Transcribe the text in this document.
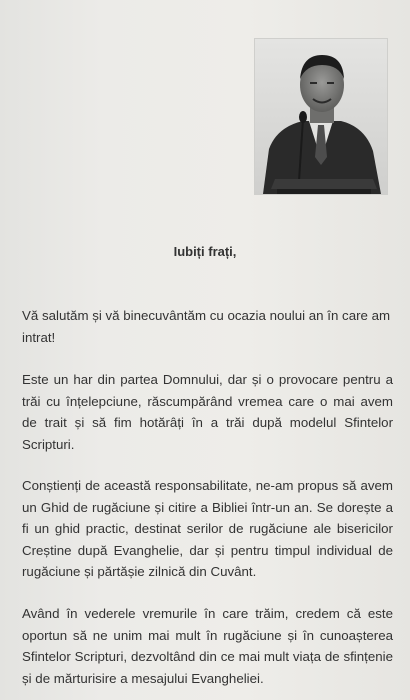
Iubiți frați,

Vă salutăm și vă binecuvântăm cu ocazia noului an în care am intrat!

Este un har din partea Domnului, dar și o provocare pentru a trăi cu înțelepciune, răscumpărând vremea care o mai avem de trait și să fim hotărâți în a trăi după modelul Sfintelor Scripturi.

Conștienți de această responsabilitate, ne-am propus să avem un Ghid de rugăciune și citire a Bibliei într-un an. Se dorește a fi un ghid practic, destinat serilor de rugăciune ale bisericilor Creștine după Evanghelie, dar și pentru timpul individual de rugăciune și părtășie zilnică din Cuvânt.

Având în vederele vremurile în care trăim, credem că este oportun să ne unim mai mult în rugăciune și în cunoașterea Sfintelor Scripturi, dezvoltând din ce mai mult viața de sfințenie și de mărturisire a mesajului Evangheliei.
